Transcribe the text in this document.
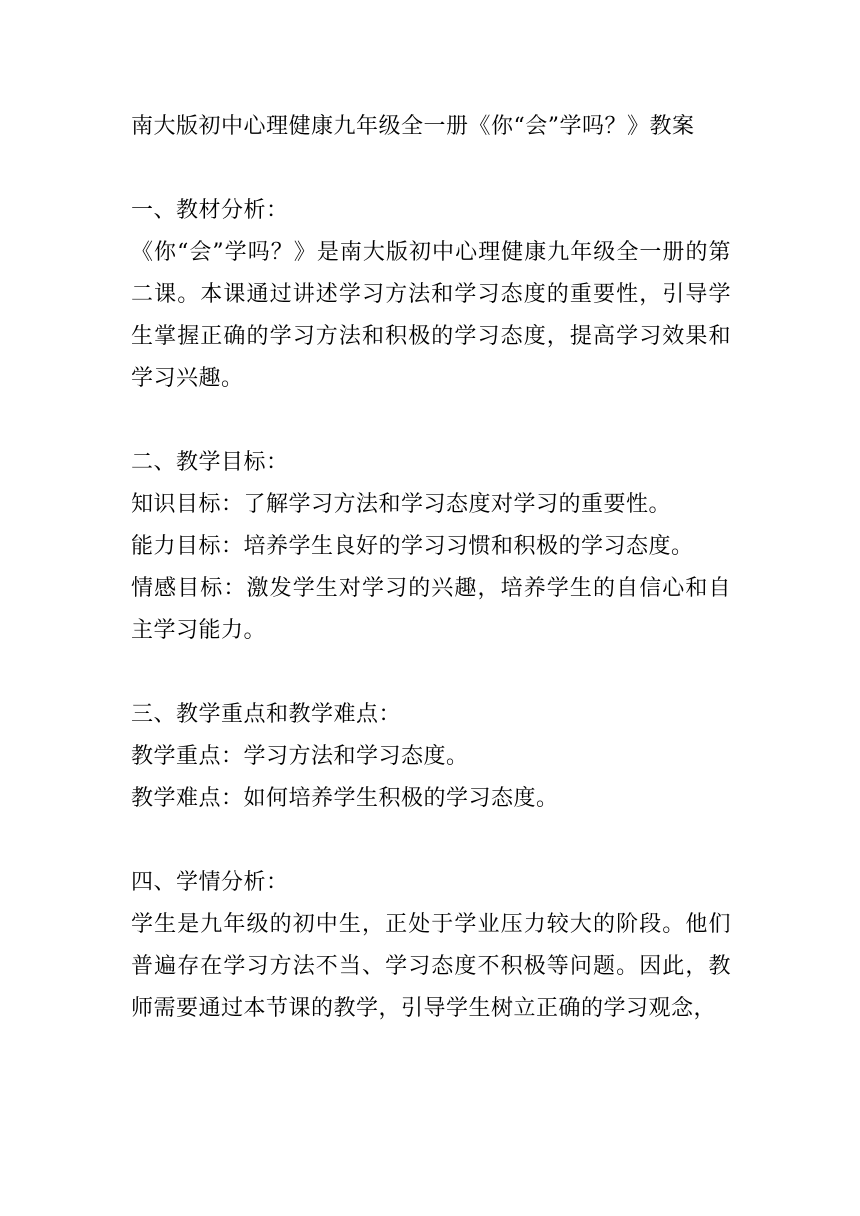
南大版初中心理健康九年级全一册《你“会”学吗？》教案
一、教材分析：

《你“会”学吗？》是南大版初中心理健康九年级全一册的第二课。本课通过讲述学习方法和学习态度的重要性，引导学生掌握正确的学习方法和积极的学习态度，提高学习效果和学习兴趣。

二、教学目标：

知识目标：了解学习方法和学习态度对学习的重要性。

能力目标：培养学生良好的学习习惯和积极的学习态度。

情感目标：激发学生对学习的兴趣，培养学生的自信心和自主学习能力。

三、教学重点和教学难点：

教学重点：学习方法和学习态度。

教学难点：如何培养学生积极的学习态度。

四、学情分析：

学生是九年级的初中生，正处于学业压力较大的阶段。他们普遍存在学习方法不当、学习态度不积极等问题。因此，教师需要通过本节课的教学，引导学生树立正确的学习观念，
